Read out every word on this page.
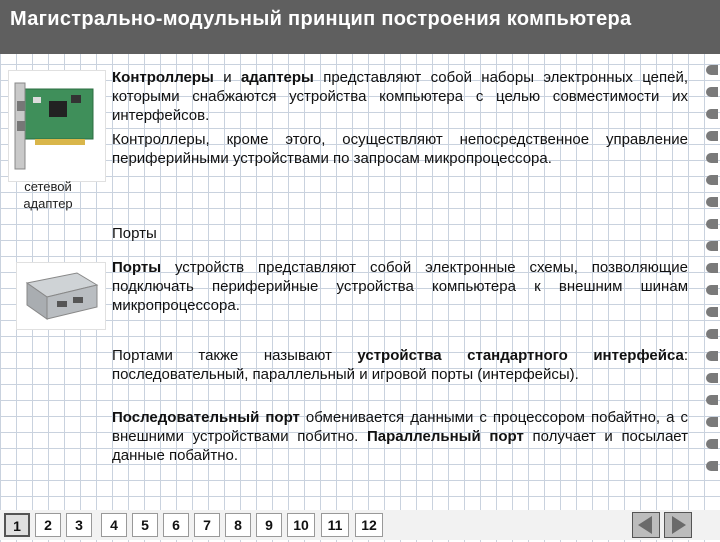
Магистрально-модульный принцип построения компьютера
сетевой
адаптер
Контроллеры и адаптеры представляют собой наборы электронных цепей, которыми снабжаются устройства компьютера с целью совместимости их интерфейсов.
Контроллеры, кроме этого, осуществляют непосредственное управление периферийными устройствами по запросам микропроцессора.
Порты
Порты устройств представляют собой электронные схемы, позволяющие подключать периферийные устройства компьютера к внешним шинам микропроцессора.
Портами также называют устройства стандартного интерфейса: последовательный, параллельный и игровой порты (интерфейсы).
Последовательный порт обменивается данными с процессором побайтно, а с внешними устройствами побитно. Параллельный порт получает и посылает данные побайтно.
1	2	3	4	5	6	7	8	9	10	11	12
